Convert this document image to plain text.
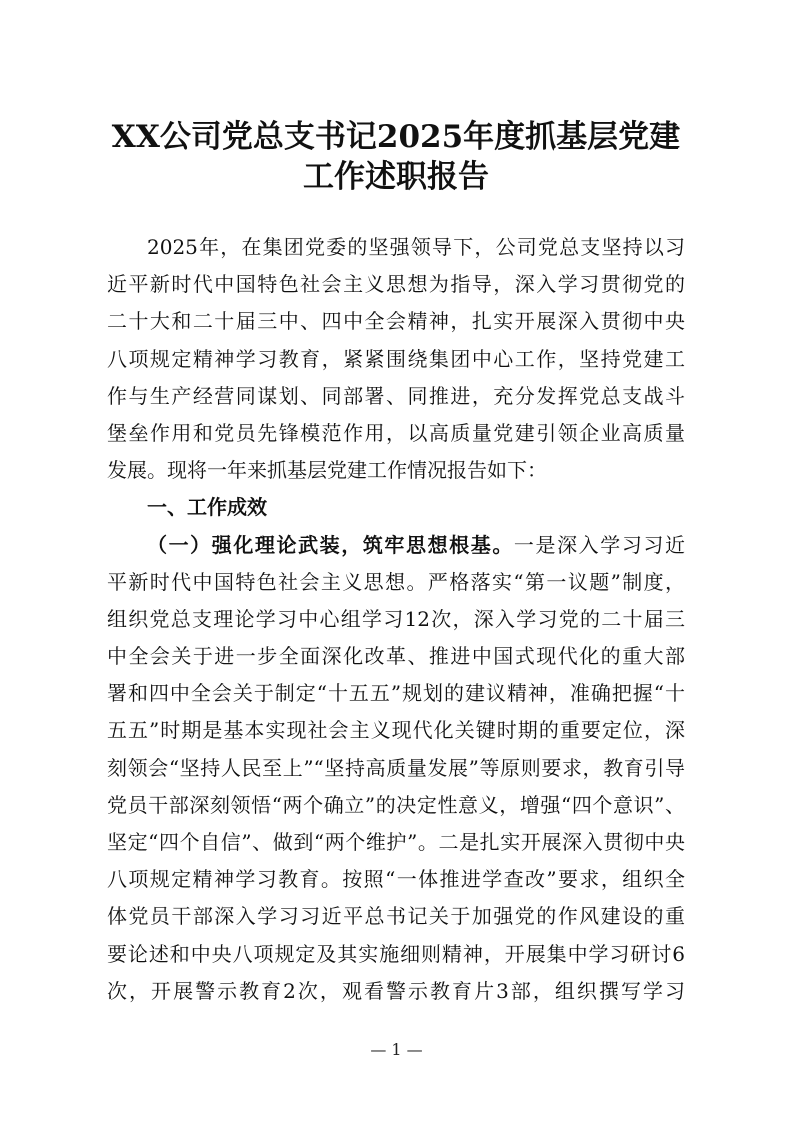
XX公司党总支书记2025年度抓基层党建
工作述职报告
2025年，在集团党委的坚强领导下，公司党总支坚持以习
近平新时代中国特色社会主义思想为指导，深入学习贯彻党的
二十大和二十届三中、四中全会精神，扎实开展深入贯彻中央
八项规定精神学习教育，紧紧围绕集团中心工作，坚持党建工
作与生产经营同谋划、同部署、同推进，充分发挥党总支战斗
堡垒作用和党员先锋模范作用，以高质量党建引领企业高质量
发展。现将一年来抓基层党建工作情况报告如下：
一、工作成效
（一）强化理论武装，筑牢思想根基。一是深入学习习近
平新时代中国特色社会主义思想。严格落实“第一议题”制度，
组织党总支理论学习中心组学习12次，深入学习党的二十届三
中全会关于进一步全面深化改革、推进中国式现代化的重大部
署和四中全会关于制定“十五五”规划的建议精神，准确把握“十
五五”时期是基本实现社会主义现代化关键时期的重要定位，深
刻领会“坚持人民至上”“坚持高质量发展”等原则要求，教育引导
党员干部深刻领悟“两个确立”的决定性意义，增强“四个意识”、
坚定“四个自信”、做到“两个维护”。二是扎实开展深入贯彻中央
八项规定精神学习教育。按照“一体推进学查改”要求，组织全
体党员干部深入学习习近平总书记关于加强党的作风建设的重
要论述和中央八项规定及其实施细则精神，开展集中学习研讨6
次，开展警示教育2次，观看警示教育片3部，组织撰写学习
— 1 —
